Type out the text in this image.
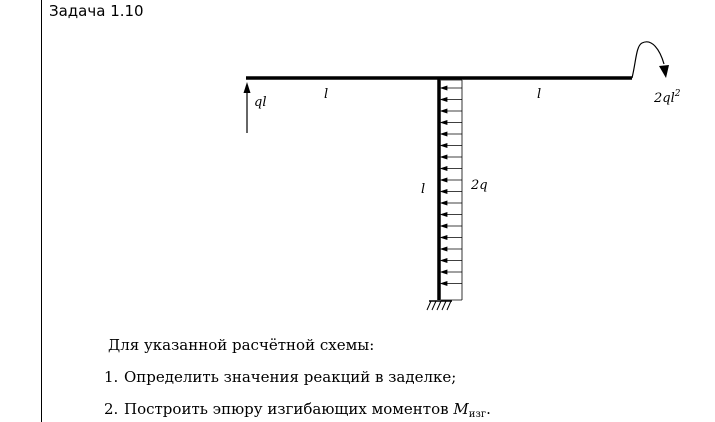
Задача 1.10
ql
l	l
l	2q
$2ql^2$
Для указанной расчётной схемы:
1. Определить значения реакций в заделке;
2. Построить эпюру изгибающих моментов $M_{изг}$.
